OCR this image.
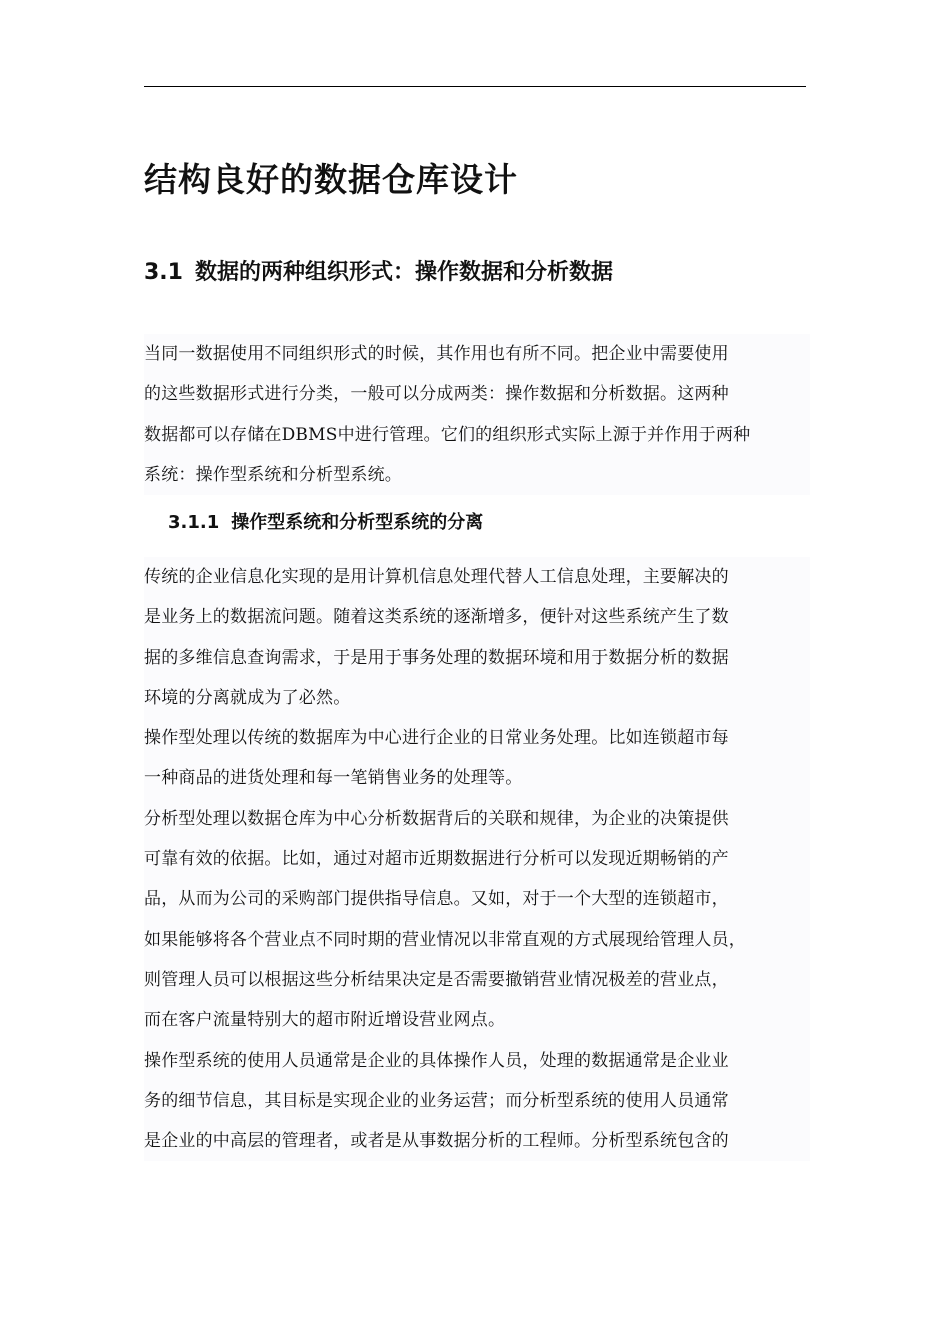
结构良好的数据仓库设计
3.1 数据的两种组织形式：操作数据和分析数据

当同一数据使用不同组织形式的时候，其作用也有所不同。把企业中需要使用

的这些数据形式进行分类，一般可以分成两类：操作数据和分析数据。这两种

数据都可以存储在DBMS中进行管理。它们的组织形式实际上源于并作用于两种

系统：操作型系统和分析型系统。

3.1.1 操作型系统和分析型系统的分离

传统的企业信息化实现的是用计算机信息处理代替人工信息处理，主要解决的

是业务上的数据流问题。随着这类系统的逐渐增多，便针对这些系统产生了数

据的多维信息查询需求，于是用于事务处理的数据环境和用于数据分析的数据

环境的分离就成为了必然。

操作型处理以传统的数据库为中心进行企业的日常业务处理。比如连锁超市每

一种商品的进货处理和每一笔销售业务的处理等。

分析型处理以数据仓库为中心分析数据背后的关联和规律，为企业的决策提供

可靠有效的依据。比如，通过对超市近期数据进行分析可以发现近期畅销的产

品，从而为公司的采购部门提供指导信息。又如，对于一个大型的连锁超市，

如果能够将各个营业点不同时期的营业情况以非常直观的方式展现给管理人员，

则管理人员可以根据这些分析结果决定是否需要撤销营业情况极差的营业点，

而在客户流量特别大的超市附近增设营业网点。

操作型系统的使用人员通常是企业的具体操作人员，处理的数据通常是企业业

务的细节信息，其目标是实现企业的业务运营；而分析型系统的使用人员通常

是企业的中高层的管理者，或者是从事数据分析的工程师。分析型系统包含的
